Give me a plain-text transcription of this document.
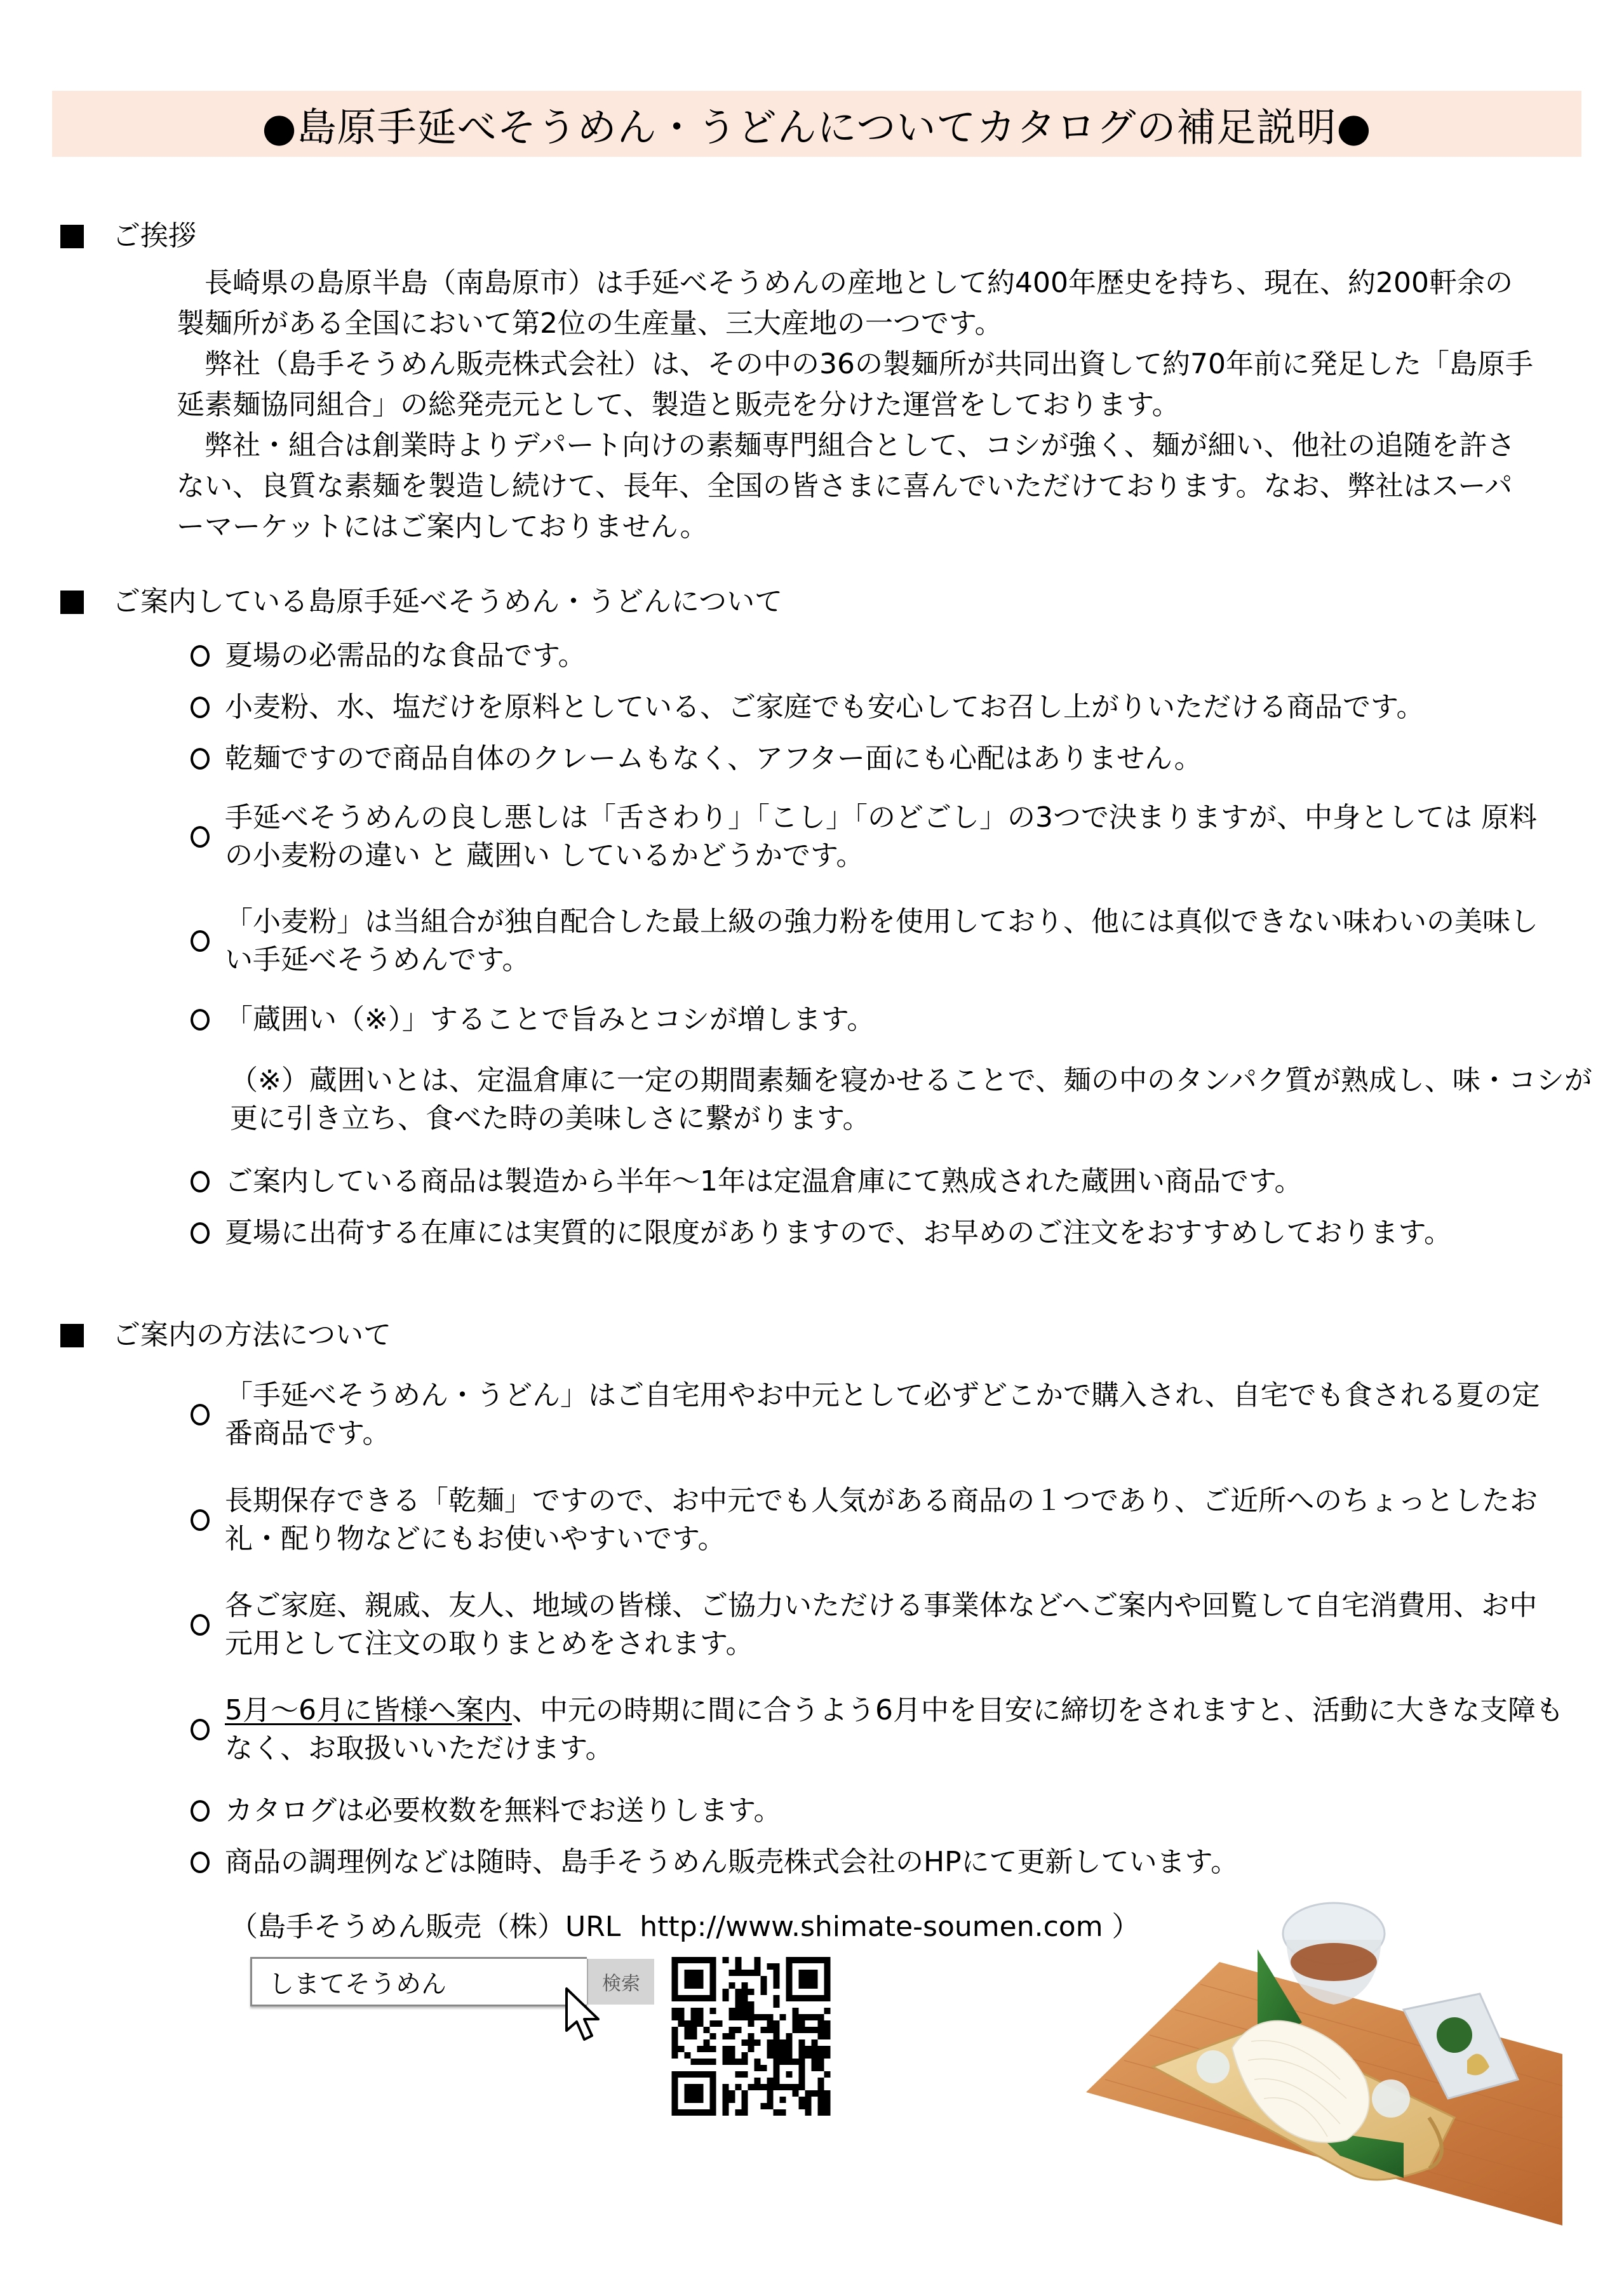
●島原手延べそうめん・うどんについてカタログの補足説明●
ご挨拶

　長崎県の島原半島（南島原市）は手延べそうめんの産地として約400年歴史を持ち、現在、約200軒余の製麺所がある全国において第2位の生産量、三大産地の一つです。

　弊社（島手そうめん販売株式会社）は、その中の36の製麺所が共同出資して約70年前に発足した「島原手延素麺協同組合」の総発売元として、製造と販売を分けた運営をしております。

　弊社・組合は創業時よりデパート向けの素麺専門組合として、コシが強く、麺が細い、他社の追随を許さない、良質な素麺を製造し続けて、長年、全国の皆さまに喜んでいただけております。なお、弊社はスーパーマーケットにはご案内しておりません。

ご案内している島原手延べそうめん・うどんについて
夏場の必需品的な食品です。
小麦粉、水、塩だけを原料としている、ご家庭でも安心してお召し上がりいただける商品です。
乾麺ですので商品自体のクレームもなく、アフター面にも心配はありません。
手延べそうめんの良し悪しは「舌さわり」「こし」「のどごし」の3つで決まりますが、中身としては 原料の小麦粉の違い と 蔵囲い しているかどうかです。
「小麦粉」は当組合が独自配合した最上級の強力粉を使用しており、他には真似できない味わいの美味しい手延べそうめんです。
「蔵囲い（※）」することで旨みとコシが増します。
（※）蔵囲いとは、定温倉庫に一定の期間素麺を寝かせることで、麺の中のタンパク質が熟成し、味・コシが更に引き立ち、食べた時の美味しさに繋がります。
ご案内している商品は製造から半年～1年は定温倉庫にて熟成された蔵囲い商品です。
夏場に出荷する在庫には実質的に限度がありますので、お早めのご注文をおすすめしております。
ご案内の方法について
「手延べそうめん・うどん」はご自宅用やお中元として必ずどこかで購入され、自宅でも食される夏の定番商品です。
長期保存できる「乾麺」ですので、お中元でも人気がある商品の１つであり、ご近所へのちょっとしたお礼・配り物などにもお使いやすいです。
各ご家庭、親戚、友人、地域の皆様、ご協力いただける事業体などへご案内や回覧して自宅消費用、お中元用として注文の取りまとめをされます。
5月～6月に皆様へ案内、中元の時期に間に合うよう6月中を目安に締切をされますと、活動に大きな支障もなく、お取扱いいただけます。
カタログは必要枚数を無料でお送りします。
商品の調理例などは随時、島手そうめん販売株式会社のHPにて更新しています。
（島手そうめん販売（株）URL http://www.shimate-soumen.com ）
しまてそうめん
検索
